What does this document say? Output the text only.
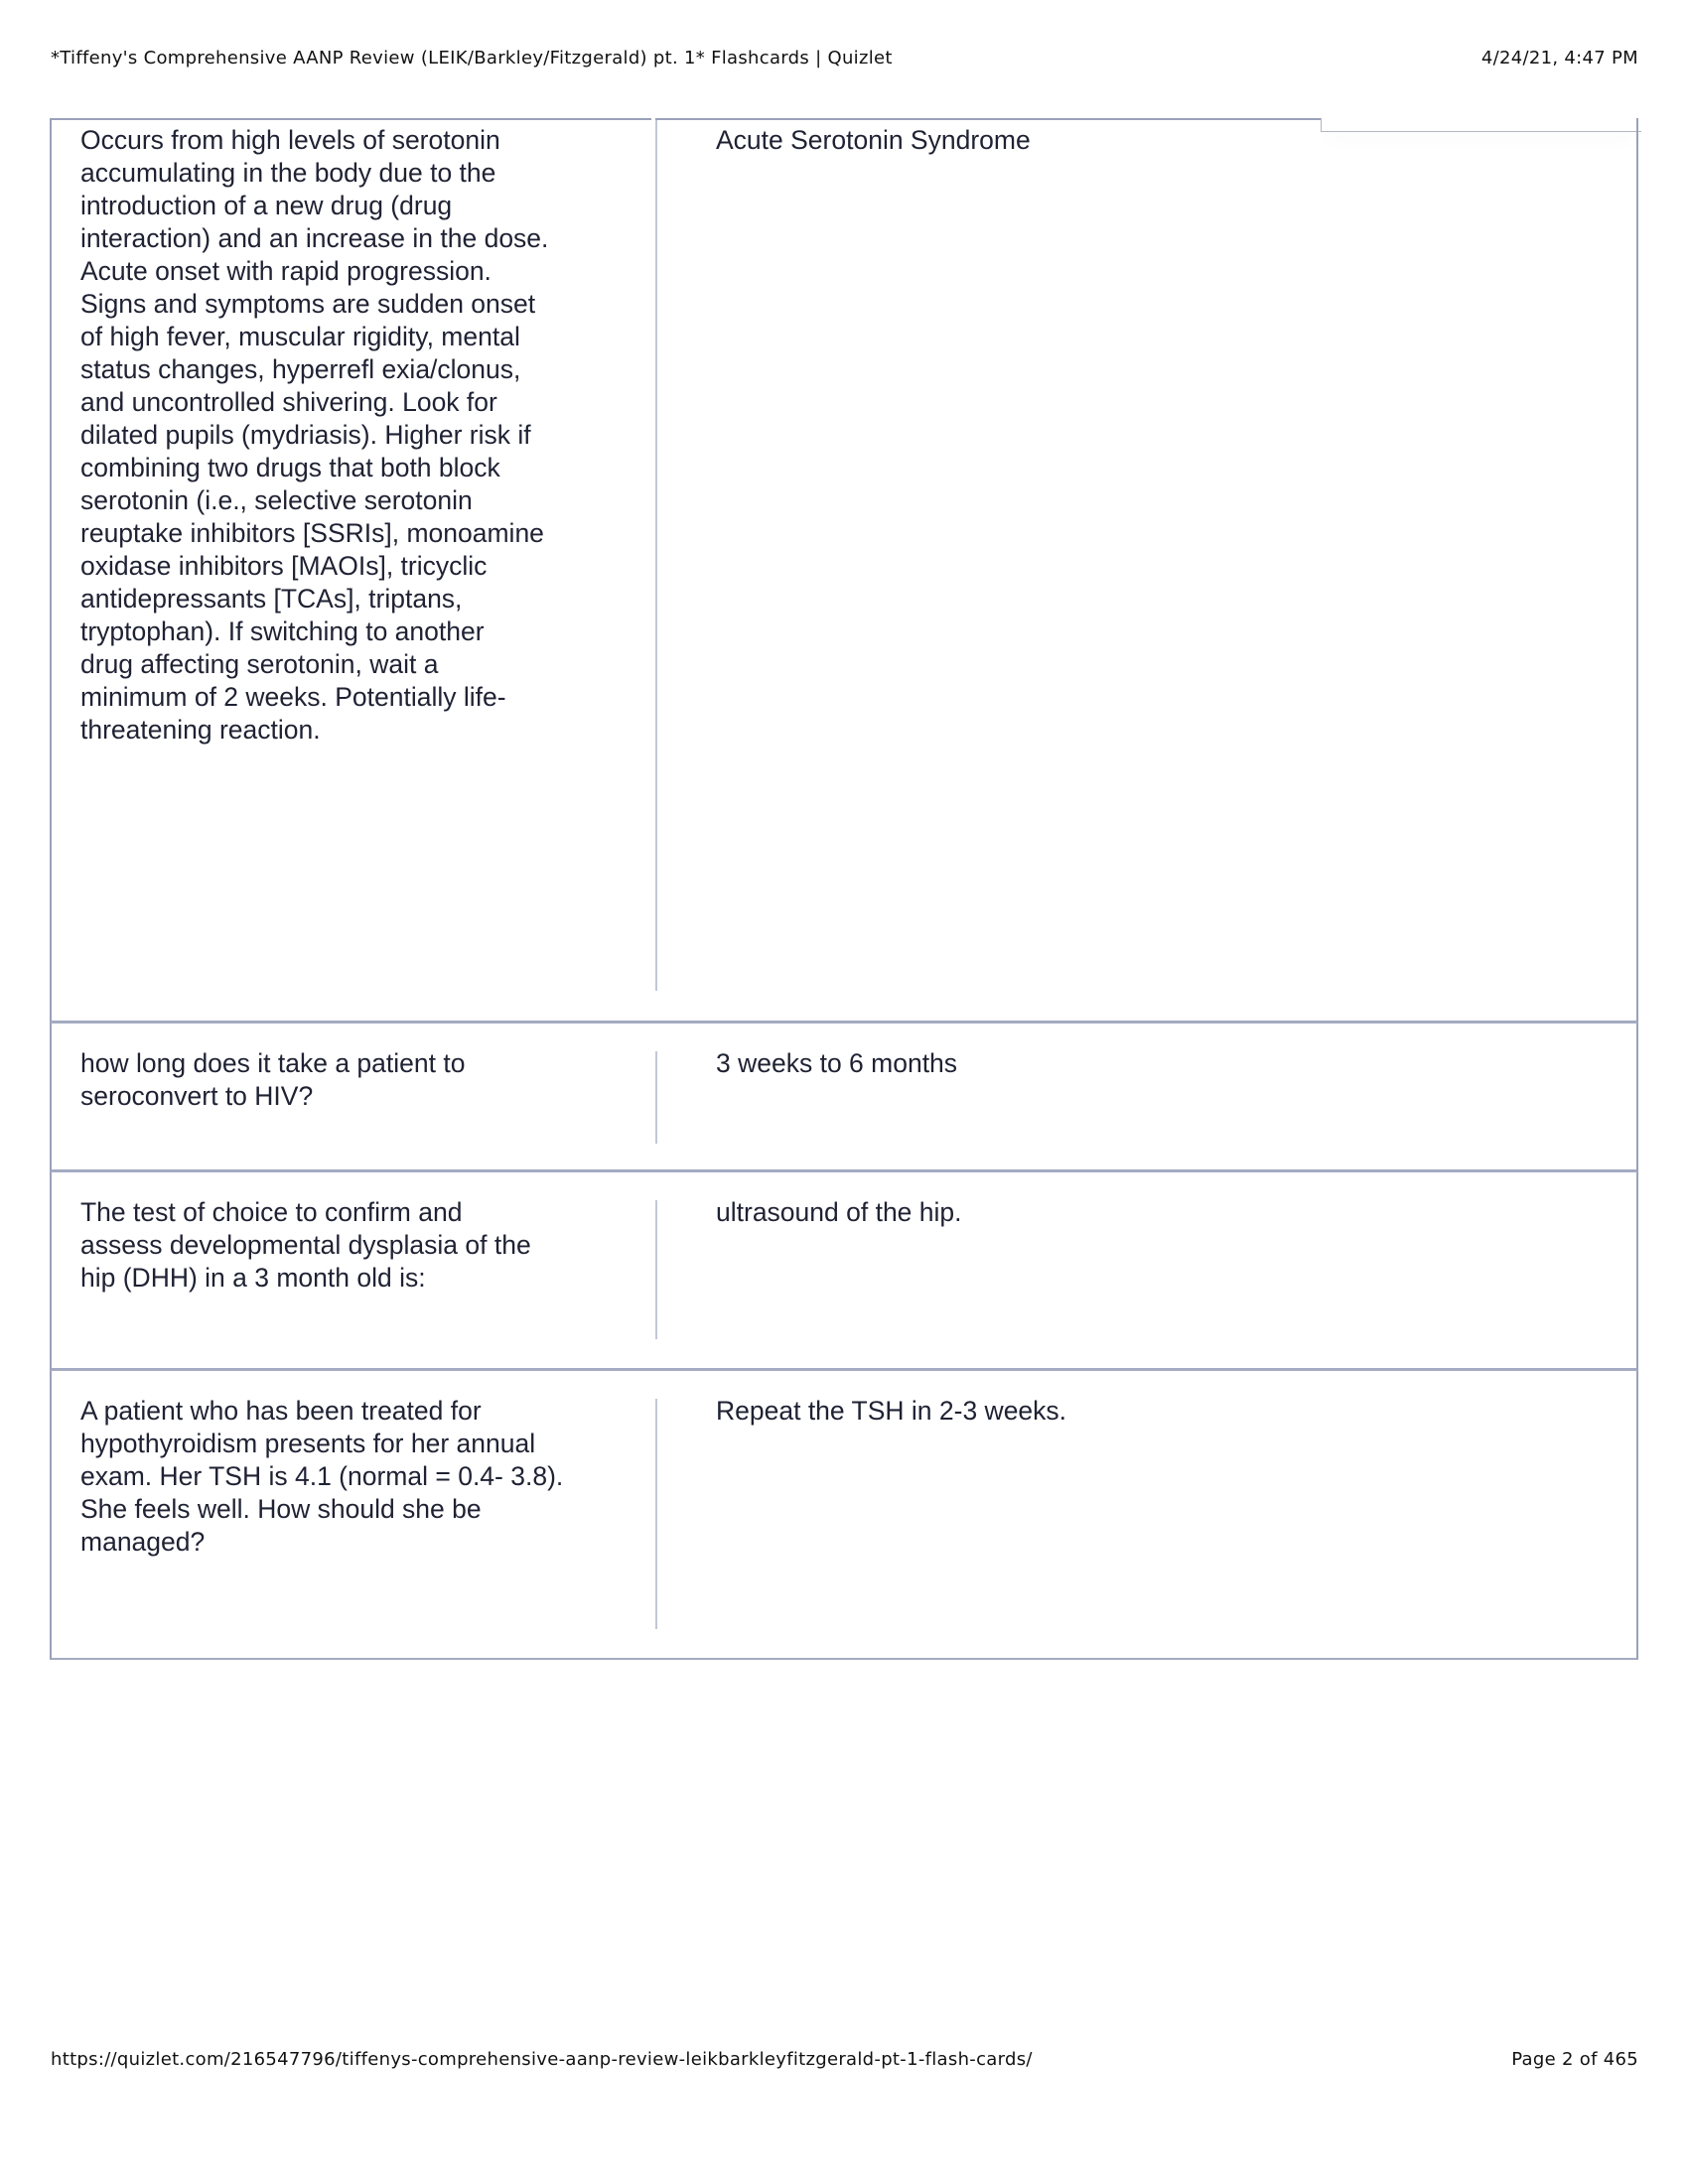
*Tiffeny's Comprehensive AANP Review (LEIK/Barkley/Fitzgerald) pt. 1* Flashcards | Quizlet	4/24/21, 4:47 PM
Occurs from high levels of serotonin
accumulating in the body due to the
introduction of a new drug (drug
interaction) and an increase in the dose.
Acute onset with rapid progression.
Signs and symptoms are sudden onset
of high fever, muscular rigidity, mental
status changes, hyperrefl exia/clonus,
and uncontrolled shivering. Look for
dilated pupils (mydriasis). Higher risk if
combining two drugs that both block
serotonin (i.e., selective serotonin
reuptake inhibitors [SSRIs], monoamine
oxidase inhibitors [MAOIs], tricyclic
antidepressants [TCAs], triptans,
tryptophan). If switching to another
drug affecting serotonin, wait a
minimum of 2 weeks. Potentially life-
threatening reaction.
Acute Serotonin Syndrome
how long does it take a patient to
seroconvert to HIV?
3 weeks to 6 months
The test of choice to confirm and
assess developmental dysplasia of the
hip (DHH) in a 3 month old is:
ultrasound of the hip.
A patient who has been treated for
hypothyroidism presents for her annual
exam. Her TSH is 4.1 (normal = 0.4- 3.8).
She feels well. How should she be
managed?
Repeat the TSH in 2-3 weeks.
https://quizlet.com/216547796/tiffenys-comprehensive-aanp-review-leikbarkleyfitzgerald-pt-1-flash-cards/	Page 2 of 465
